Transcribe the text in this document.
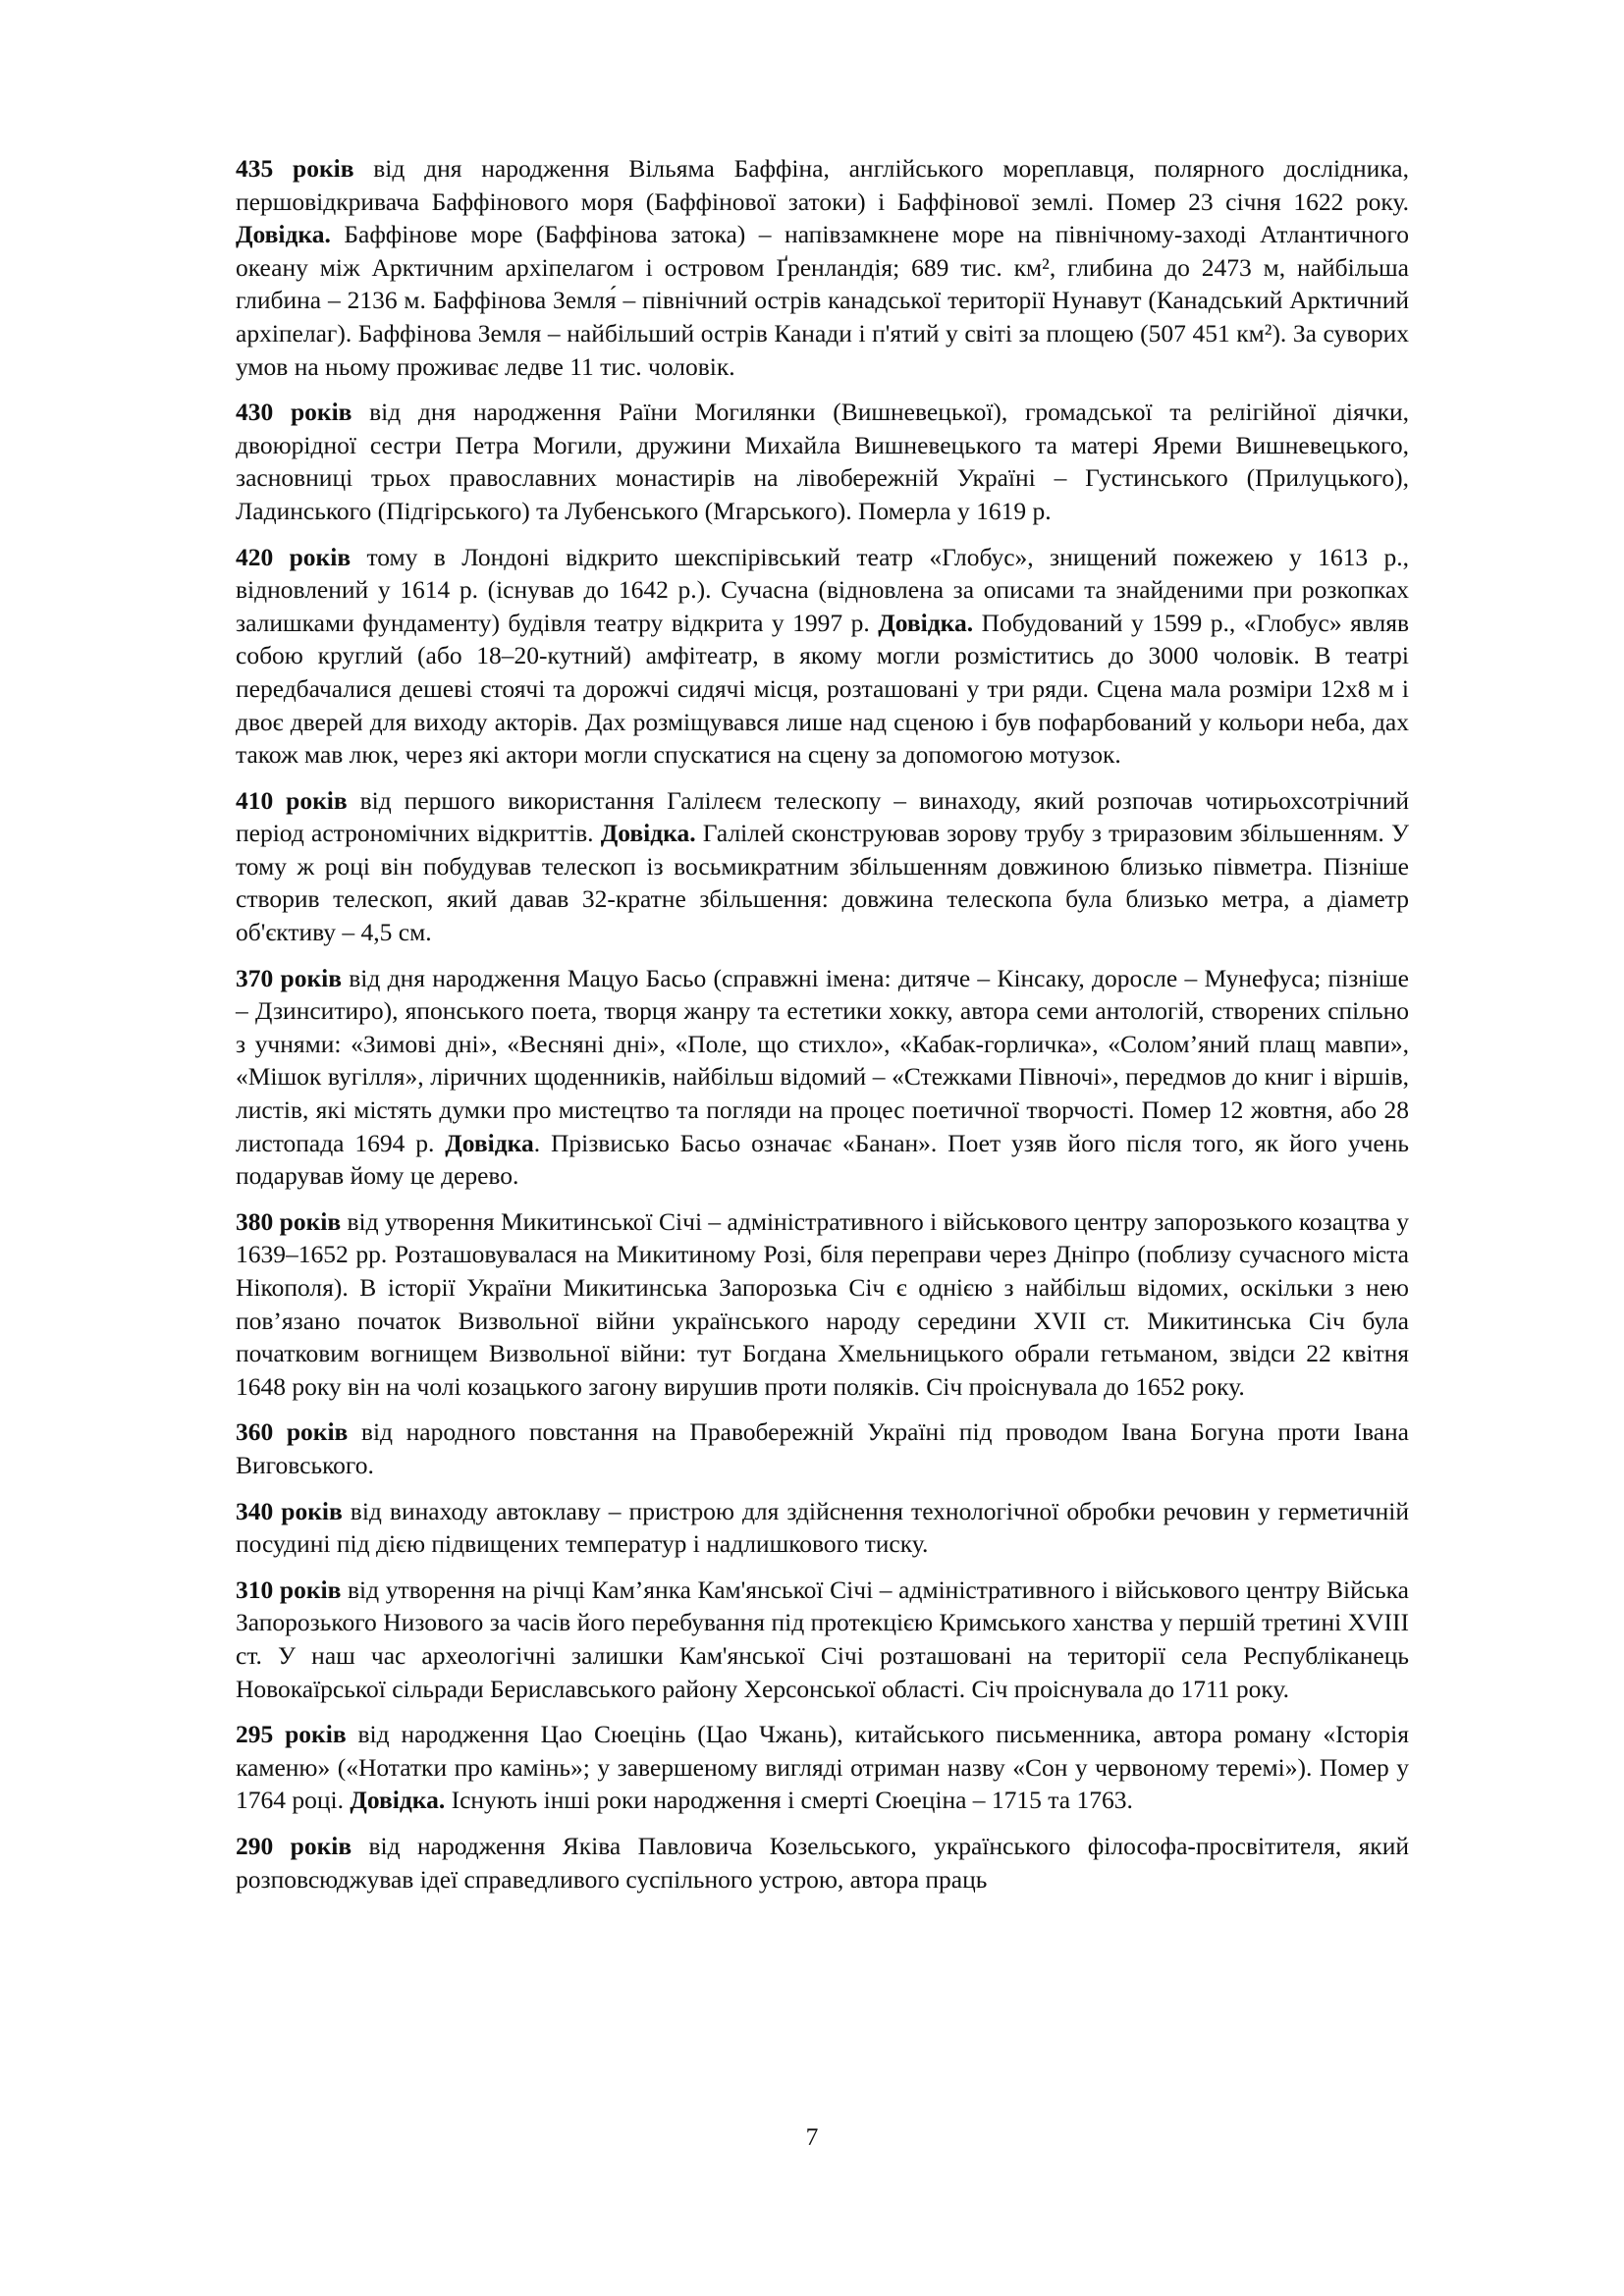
435 років від дня народження Вільяма Баффіна, англійського мореплавця, полярного дослідника, першовідкривача Баффінового моря (Баффінової затоки) і Баффінової землі. Помер 23 січня 1622 року. Довідка. Баффінове море (Баффінова затока) – напівзамкнене море на північному-заході Атлантичного океану між Арктичним архіпелагом і островом Ґренландія; 689 тис. км², глибина до 2473 м, найбільша глибина – 2136 м. Баффінова Земля́ – північний острів канадської території Нунавут (Канадський Арктичний архіпелаг). Баффінова Земля – найбільший острів Канади і п'ятий у світі за площею (507 451 км²). За суворих умов на ньому проживає ледве 11 тис. чоловік.

430 років від дня народження Раїни Могилянки (Вишневецької), громадської та релігійної діячки, двоюрідної сестри Петра Могили, дружини Михайла Вишневецького та матері Яреми Вишневецького, засновниці трьох православних монастирів на лівобережній Україні – Густинського (Прилуцького), Ладинського (Підгірського) та Лубенського (Мгарського). Померла у 1619 р.

420 років тому в Лондоні відкрито шекспірівський театр «Глобус», знищений пожежею у 1613 р., відновлений у 1614 р. (існував до 1642 р.). Сучасна (відновлена за описами та знайденими при розкопках залишками фундаменту) будівля театру відкрита у 1997 р. Довідка. Побудований у 1599 р., «Глобус» являв собою круглий (або 18–20-кутний) амфітеатр, в якому могли розміститись до 3000 чоловік. В театрі передбачалися дешеві стоячі та дорожчі сидячі місця, розташовані у три ряди. Сцена мала розміри 12х8 м і двоє дверей для виходу акторів. Дах розміщувався лише над сценою і був пофарбований у кольори неба, дах також мав люк, через які актори могли спускатися на сцену за допомогою мотузок.

410 років від першого використання Галілеєм телескопу – винаходу, який розпочав чотирьохсотрічний період астрономічних відкриттів. Довідка. Галілей сконструював зорову трубу з триразовим збільшенням. У тому ж році він побудував телескоп із восьмикратним збільшенням довжиною близько півметра. Пізніше створив телескоп, який давав 32-кратне збільшення: довжина телескопа була близько метра, а діаметр об'єктиву – 4,5 см.

370 років від дня народження Мацуо Басьо (справжні імена: дитяче – Кінсаку, доросле – Мунефуса; пізніше – Дзинситиро), японського поета, творця жанру та естетики хокку, автора семи антологій, створених спільно з учнями: «Зимові дні», «Весняні дні», «Поле, що стихло», «Кабак-горличка», «Солом’яний плащ мавпи», «Мішок вугілля», ліричних щоденників, найбільш відомий – «Стежками Півночі», передмов до книг і віршів, листів, які містять думки про мистецтво та погляди на процес поетичної творчості. Помер 12 жовтня, або 28 листопада 1694 р. Довідка. Прізвисько Басьо означає «Банан». Поет узяв його після того, як його учень подарував йому це дерево.

380 років від утворення Микитинської Січі – адміністративного і військового центру запорозького козацтва у 1639–1652 рр. Розташовувалася на Микитиному Розі, біля переправи через Дніпро (поблизу сучасного міста Нікополя). В історії України Микитинська Запорозька Січ є однією з найбільш відомих, оскільки з нею пов’язано початок Визвольної війни українського народу середини XVII ст. Микитинська Січ була початковим вогнищем Визвольної війни: тут Богдана Хмельницького обрали гетьманом, звідси 22 квітня 1648 року він на чолі козацького загону вирушив проти поляків. Січ проіснувала до 1652 року.

360 років від народного повстання на Правобережній Україні під проводом Івана Богуна проти Івана Виговського.

340 років від винаходу автоклаву – пристрою для здійснення технологічної обробки речовин у герметичній посудині під дією підвищених температур і надлишкового тиску.

310 років від утворення на річці Кам’янка Кам'янської Січі – адміністративного і військового центру Війська Запорозького Низового за часів його перебування під протекцією Кримського ханства у першій третині XVIII ст. У наш час археологічні залишки Кам'янської Січі розташовані на території села Республіканець Новокаїрської сільради Бериславського району Херсонської області. Січ проіснувала до 1711 року.

295 років від народження Цао Сюецінь (Цао Чжань), китайського письменника, автора роману «Історія каменю» («Нотатки про камінь»; у завершеному вигляді отриман назву «Сон у червоному теремі»). Помер у 1764 році. Довідка. Існують інші роки народження і смерті Сюецiна – 1715 та 1763.

290 років від народження Яківа Павловича Козельського, українського філософа-просвітителя, який розповсюджував ідеї справедливого суспільного устрою, автора праць

7
